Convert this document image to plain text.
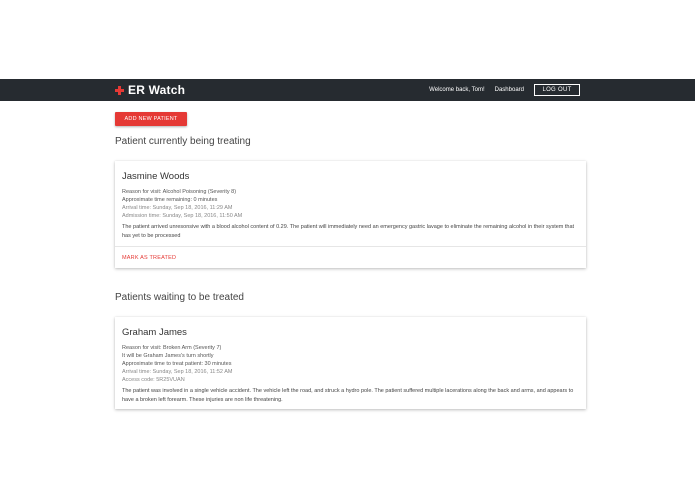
ER Watch	Welcome back, Tom! Dashboard	LOG OUT
ADD NEW PATIENT
Patient currently being treating
Jasmine Woods
Reason for visit: Alcohol Poisoning (Severity 8)
Approximate time remaining: 0 minutes
Arrival time: Sunday, Sep 18, 2016, 11:29 AM
Admission time: Sunday, Sep 18, 2016, 11:50 AM
The patient arrived unresonsive with a blood alcohol content of 0.29. The patient will immediately need an emergency gastric lavage to eliminate the remaining alcohol in their system that has yet to be processed
MARK AS TREATED
Patients waiting to be treated
Graham James
Reason for visit: Broken Arm (Severity 7)
It will be Graham James's turn shortly
Approximate time to treat patient: 30 minutes
Arrival time: Sunday, Sep 18, 2016, 11:52 AM
Access code: 5R25VUAN
The patient was involved in a single vehicle accident. The vehicle left the road, and struck a hydro pole. The patient suffered multiple lacerations along the back and arms, and appears to have a broken left forearm. These injuries are non life threatening.
